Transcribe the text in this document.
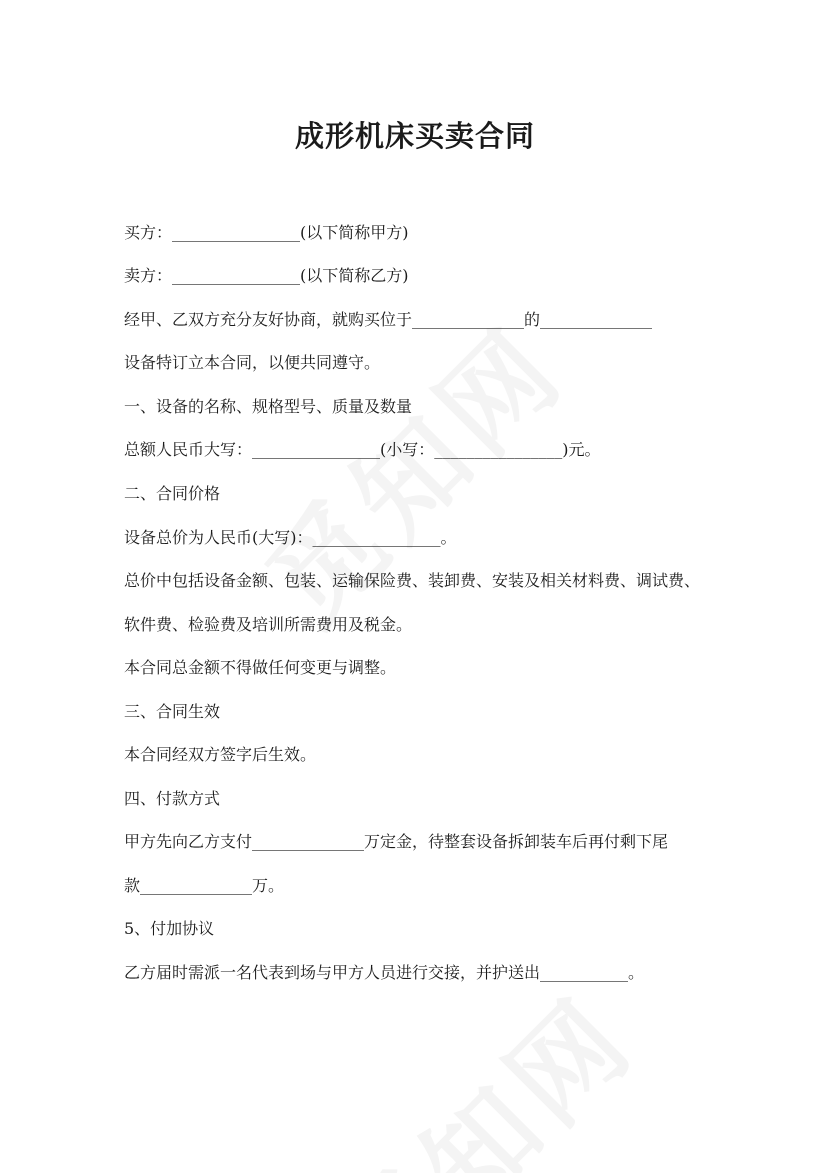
成形机床买卖合同
买方：________________(以下简称甲方)
卖方：________________(以下简称乙方)
经甲、乙双方充分友好协商，就购买位于______________的______________
设备特订立本合同，以便共同遵守。
一、设备的名称、规格型号、质量及数量
总额人民币大写：________________(小写：________________)元。
二、合同价格
设备总价为人民币(大写)：________________。
总价中包括设备金额、包装、运输保险费、装卸费、安装及相关材料费、调试费、
软件费、检验费及培训所需费用及税金。
本合同总金额不得做任何变更与调整。
三、合同生效
本合同经双方签字后生效。
四、付款方式
甲方先向乙方支付______________万定金，待整套设备拆卸装车后再付剩下尾
款______________万。
5、付加协议
乙方届时需派一名代表到场与甲方人员进行交接，并护送出___________。
